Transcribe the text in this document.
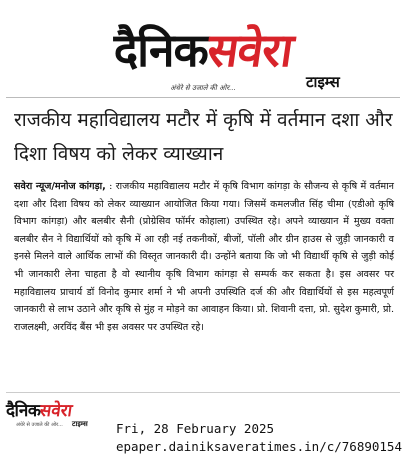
दैनिकसवेरा
टाइम्स
अंधेरे से उजाले की ओर...
राजकीय महाविद्यालय मटौर में कृषि में वर्तमान दशा और दिशा विषय को लेकर व्याख्यान

सवेरा न्यूज/मनोज कांगड़ा, : राजकीय महाविद्यालय मटौर में कृषि विभाग कांगड़ा के सौजन्य से कृषि में वर्तमान दशा और दिशा विषय को लेकर व्याख्यान आयोजित किया गया। जिसमें कमलजीत सिंह चीमा (एडीओ कृषि विभाग कांगड़ा) और बलबीर सैनी (प्रोग्रेसिव फॉर्मर कोहाला) उपस्थित रहे। अपने व्याख्यान में मुख्य वक्ता बलबीर सैन ने विद्यार्थियों को कृषि में आ रही नई तकनीकों, बीजों, पॉली और ग्रीन हाउस से जुड़ी जानकारी व इनसे मिलने वाले आर्थिक लाभों की विस्तृत जानकारी दी। उन्होंने बताया कि जो भी विद्यार्थी कृषि से जुड़ी कोई भी जानकारी लेना चाहता है वो स्थानीय कृषि विभाग कांगड़ा से सम्पर्क कर सकता है। इस अवसर पर महाविद्यालय प्राचार्य डॉ विनोद कुमार शर्मा ने भी अपनी उपस्थिति दर्ज की और विद्यार्थियों से इस महत्वपूर्ण जानकारी से लाभ उठाने और कृषि से मुंह न मोड़ने का आवाहन किया। प्रो. शिवानी दत्ता, प्रो. सुदेश कुमारी, प्रो. राजलक्ष्मी, अरविंद बैंस भी इस अवसर पर उपस्थित रहे।

दैनिकसवेरा
अंधेरे से उजाले की ओर...	टाइम्स Fri, 28 February 2025
epaper.dainiksaveratimes.in/c/76890154
